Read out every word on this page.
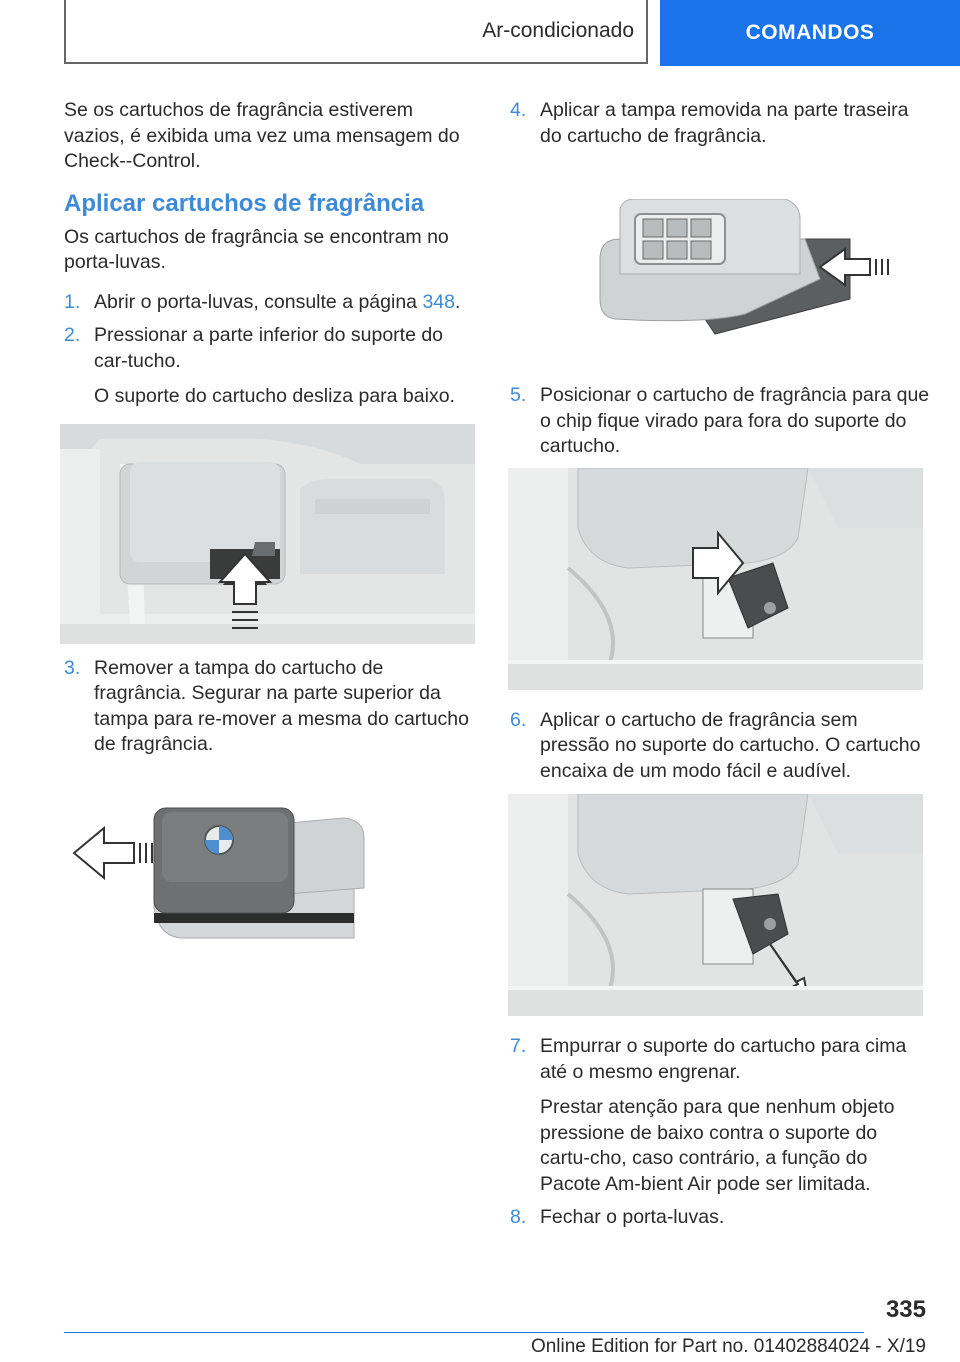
Ar-condicionado	COMANDOS

Se os cartuchos de fragrância estiverem vazios, é exibida uma vez uma mensagem do Check--Control.

Aplicar cartuchos de fragrância

Os cartuchos de fragrância se encontram no porta-luvas.

1. Abrir o porta-luvas, consulte a página 348.

2. Pressionar a parte inferior do suporte do car-tucho.

O suporte do cartucho desliza para baixo.

3. Remover a tampa do cartucho de fragrância. Segurar na parte superior da tampa para re-mover a mesma do cartucho de fragrância.

4. Aplicar a tampa removida na parte traseira do cartucho de fragrância.

5. Posicionar o cartucho de fragrância para que o chip fique virado para fora do suporte do cartucho.

6. Aplicar o cartucho de fragrância sem pressão no suporte do cartucho. O cartucho encaixa de um modo fácil e audível.

7. Empurrar o suporte do cartucho para cima até o mesmo engrenar.

Prestar atenção para que nenhum objeto pressione de baixo contra o suporte do cartu-cho, caso contrário, a função do Pacote Am-bient Air pode ser limitada.

8. Fechar o porta-luvas.

335
Online Edition for Part no. 01402884024 - X/19
